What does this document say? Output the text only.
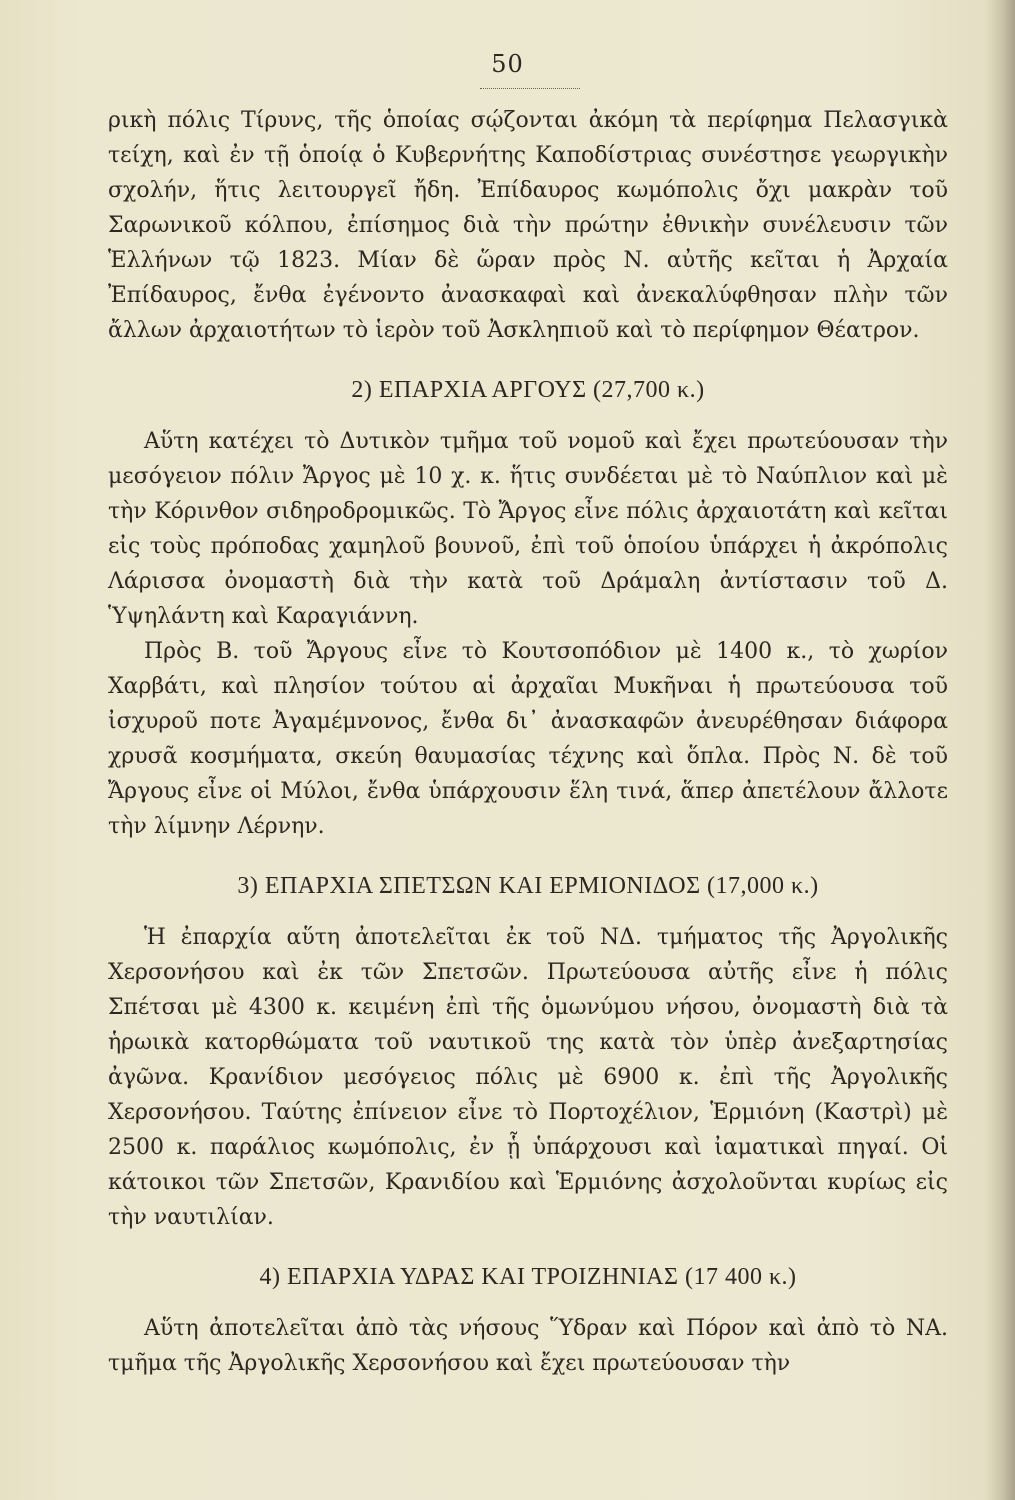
50

ρικὴ πόλις Τίρυνς, τῆς ὁποίας σῴζονται ἀκόμη τὰ περίφημα Πελασγικὰ τείχη, καὶ ἐν τῇ ὁποίᾳ ὁ Κυβερνήτης Καποδίστριας συνέστησε γεωργικὴν σχολήν, ἥτις λειτουργεῖ ἤδη. Ἐπίδαυρος κωμόπολις ὄχι μακρὰν τοῦ Σαρωνικοῦ κόλπου, ἐπίσημος διὰ τὴν πρώτην ἐθνικὴν συνέλευσιν τῶν Ἑλλήνων τῷ 1823. Μίαν δὲ ὥραν πρὸς Ν. αὐτῆς κεῖται ἡ Ἀρχαία Ἐπίδαυρος, ἔνθα ἐγένοντο ἀνασκαφαὶ καὶ ἀνεκαλύφθησαν πλὴν τῶν ἄλλων ἀρχαιοτήτων τὸ ἱερὸν τοῦ Ἀσκληπιοῦ καὶ τὸ περίφημον Θέατρον.

2) ΕΠΑΡΧΙΑ ΑΡΓΟΥΣ (27,700 κ.)

Αὕτη κατέχει τὸ Δυτικὸν τμῆμα τοῦ νομοῦ καὶ ἔχει πρωτεύουσαν τὴν μεσόγειον πόλιν Ἄργος μὲ 10 χ. κ. ἥτις συνδέεται μὲ τὸ Ναύπλιον καὶ μὲ τὴν Κόρινθον σιδηροδρομικῶς. Τὸ Ἄργος εἶνε πόλις ἀρχαιοτάτη καὶ κεῖται εἰς τοὺς πρόποδας χαμηλοῦ βουνοῦ, ἐπὶ τοῦ ὁποίου ὑπάρχει ἡ ἀκρόπολις Λάρισσα ὀνομαστὴ διὰ τὴν κατὰ τοῦ Δράμαλη ἀντίστασιν τοῦ Δ. Ὑψηλάντη καὶ Καραγιάννη.

Πρὸς Β. τοῦ Ἄργους εἶνε τὸ Κουτσοπόδιον μὲ 1400 κ., τὸ χωρίον Χαρβάτι, καὶ πλησίον τούτου αἱ ἀρχαῖαι Μυκῆναι ἡ πρωτεύουσα τοῦ ἰσχυροῦ ποτε Ἀγαμέμνονος, ἔνθα δι᾽ ἀνασκαφῶν ἀνευρέθησαν διάφορα χρυσᾶ κοσμήματα, σκεύη θαυμασίας τέχνης καὶ ὅπλα. Πρὸς Ν. δὲ τοῦ Ἄργους εἶνε οἱ Μύλοι, ἔνθα ὑπάρχουσιν ἕλη τινά, ἅπερ ἀπετέλουν ἄλλοτε τὴν λίμνην Λέρνην.

3) ΕΠΑΡΧΙΑ ΣΠΕΤΣΩΝ ΚΑΙ ΕΡΜΙΟΝΙΔΟΣ (17,000 κ.)

Ἡ ἐπαρχία αὕτη ἀποτελεῖται ἐκ τοῦ ΝΔ. τμήματος τῆς Ἀργολικῆς Χερσονήσου καὶ ἐκ τῶν Σπετσῶν. Πρωτεύουσα αὐτῆς εἶνε ἡ πόλις Σπέτσαι μὲ 4300 κ. κειμένη ἐπὶ τῆς ὁμωνύμου νήσου, ὀνομαστὴ διὰ τὰ ἡρωικὰ κατορθώματα τοῦ ναυτικοῦ της κατὰ τὸν ὑπὲρ ἀνεξαρτησίας ἀγῶνα. Κρανίδιον μεσόγειος πόλις μὲ 6900 κ. ἐπὶ τῆς Ἀργολικῆς Χερσονήσου. Ταύτης ἐπίνειον εἶνε τὸ Πορτοχέλιον, Ἑρμιόνη (Καστρὶ) μὲ 2500 κ. παράλιος κωμόπολις, ἐν ᾗ ὑπάρχουσι καὶ ἰαματικαὶ πηγαί. Οἱ κάτοικοι τῶν Σπετσῶν, Κρανιδίου καὶ Ἑρμιόνης ἀσχολοῦνται κυρίως εἰς τὴν ναυτιλίαν.

4) ΕΠΑΡΧΙΑ ΥΔΡΑΣ ΚΑΙ ΤΡΟΙΖΗΝΙΑΣ (17 400 κ.)

Αὕτη ἀποτελεῖται ἀπὸ τὰς νήσους Ὕδραν καὶ Πόρον καὶ ἀπὸ τὸ ΝΑ. τμῆμα τῆς Ἀργολικῆς Χερσονήσου καὶ ἔχει πρωτεύουσαν τὴν
